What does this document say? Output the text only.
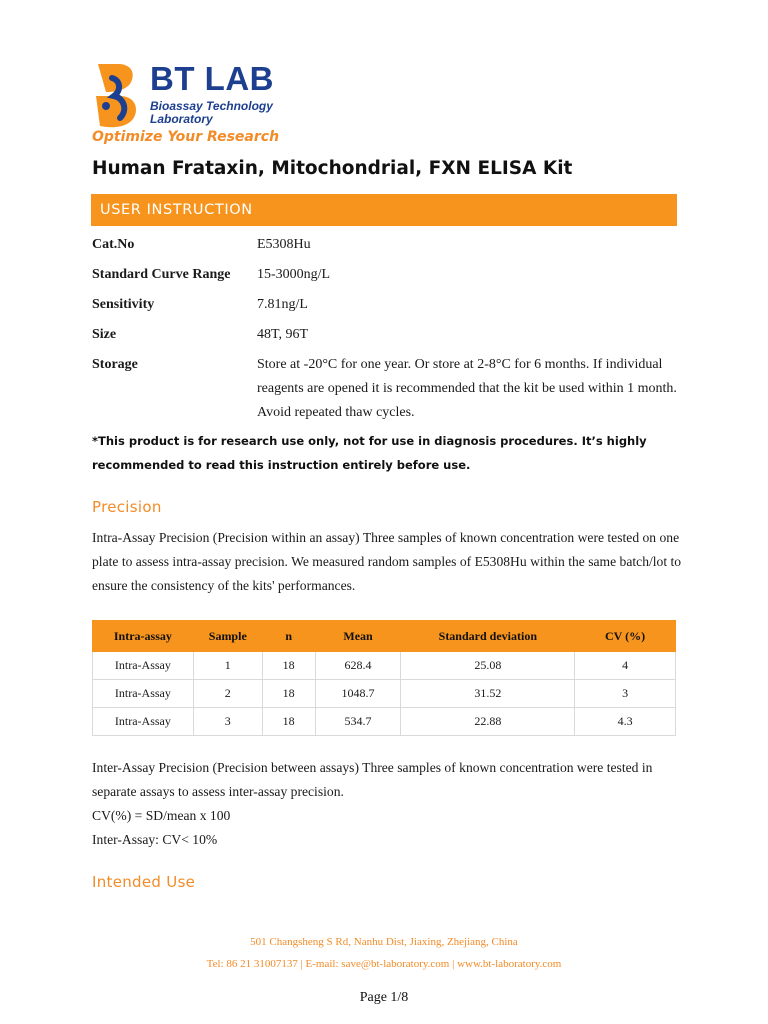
BT LAB
Bioassay Technology
Laboratory
Optimize Your Research
Human Frataxin, Mitochondrial, FXN ELISA Kit
USER INSTRUCTION
Cat.No	E5308Hu
Standard Curve Range 15-3000ng/L
Sensitivity	7.81ng/L
Size	48T, 96T
Storage	Store at -20°C for one year. Or store at 2-8°C for 6 months. If individual reagents are opened it is recommended that the kit be used within 1 month. Avoid repeated thaw cycles.
*This product is for research use only, not for use in diagnosis procedures. It’s highly recommended to read this instruction entirely before use.
Precision
Intra-Assay Precision (Precision within an assay) Three samples of known concentration were tested on one plate to assess intra-assay precision. We measured random samples of E5308Hu within the same batch/lot to ensure the consistency of the kits' performances.
Intra-assay	Sample	n	Mean	Standard deviation	CV (%)
Intra-Assay	1	18	628.4	25.08	4
Intra-Assay	2	18	1048.7	31.52	3
Intra-Assay	3	18	534.7	22.88	4.3
Inter-Assay Precision (Precision between assays) Three samples of known concentration were tested in separate assays to assess inter-assay precision.
CV(%) = SD/mean x 100
Inter-Assay: CV< 10%
Intended Use
501 Changsheng S Rd, Nanhu Dist, Jiaxing, Zhejiang, China
Tel: 86 21 31007137 | E-mail: save@bt-laboratory.com | www.bt-laboratory.com
Page 1/8
